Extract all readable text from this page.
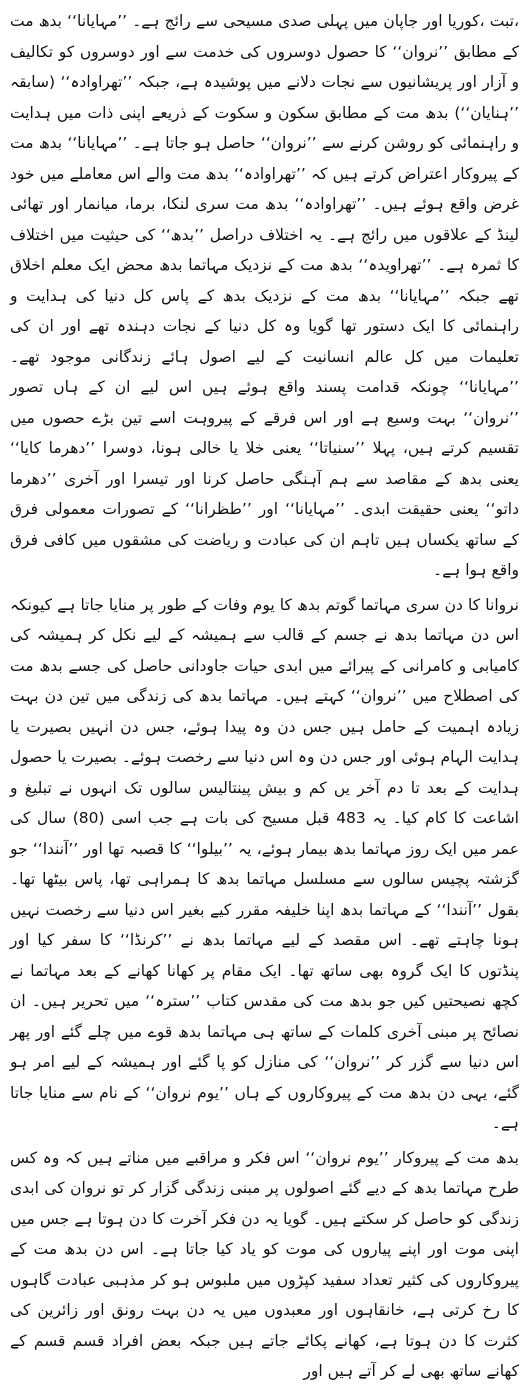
،تبت ،کوریا اور جاپان میں پہلی صدی مسیحی سے رائج ہے۔ ’’مہایانا‘‘ بدھ مت کے مطابق ’’نروان‘‘ کا حصول دوسروں کی خدمت سے اور دوسروں کو تکالیف و آزار اور پریشانیوں سے نجات دلانے میں پوشیدہ ہے، جبکہ ’’تھراوادہ‘‘ (سابقہ ’’ہنایان‘‘) بدھ مت کے مطابق سکون و سکوت کے ذریعے اپنی ذات میں ہدایت و راہنمائی کو روشن کرنے سے ’’نروان‘‘ حاصل ہو جاتا ہے۔ ’’مہایانا‘‘ بدھ مت کے پیروکار اعتراض کرتے ہیں کہ ’’تھراوادہ‘‘ بدھ مت والے اس معاملے میں خود غرض واقع ہوئے ہیں۔ ’’تھراوادہ‘‘ بدھ مت سری لنکا، برما، میانمار اور تھائی لینڈ کے علاقوں میں رائج ہے۔ یہ اختلاف دراصل ’’بدھ‘‘ کی حیثیت میں اختلاف کا ثمرہ ہے۔ ’’تھراویدہ‘‘ بدھ مت کے نزدیک مہاتما بدھ محض ایک معلم اخلاق تھے جبکہ ’’مہایانا‘‘ بدھ مت کے نزدیک بدھ کے پاس کل دنیا کی ہدایت و راہنمائی کا ایک دستور تھا گویا وہ کل دنیا کے نجات دہندہ تھے اور ان کی تعلیمات میں کل عالم انسانیت کے لیے اصول ہائے زندگانی موجود تھے۔ ’’مہایانا‘‘ چونکہ قدامت پسند واقع ہوئے ہیں اس لیے ان کے ہاں تصور ’’نروان‘‘ بہت وسیع ہے اور اس فرقے کے پیروہت اسے تین بڑے حصوں میں تقسیم کرتے ہیں، پہلا ’’سنیاتا‘‘ یعنی خلا یا خالی ہونا، دوسرا ’’دھرما کایا‘‘ یعنی بدھ کے مقاصد سے ہم آہنگی حاصل کرنا اور تیسرا اور آخری ’’دھرما داتو‘‘ یعنی حقیقت ابدی۔ ’’مہایانا‘‘ اور ’’طظرانا‘‘ کے تصورات معمولی فرق کے ساتھ یکساں ہیں تاہم ان کی عبادت و ریاضت کی مشقوں میں کافی فرق واقع ہوا ہے۔

نروانا کا دن سری مہاتما گوتم بدھ کا یوم وفات کے طور پر منایا جاتا ہے کیونکہ اس دن مہاتما بدھ نے جسم کے قالب سے ہمیشہ کے لیے نکل کر ہمیشہ کی کامیابی و کامرانی کے پیرائے میں ابدی حیات جاودانی حاصل کی جسے بدھ مت کی اصطلاح میں ’’نروان‘‘ کہتے ہیں۔ مہاتما بدھ کی زندگی میں تین دن بہت زیادہ اہمیت کے حامل ہیں جس دن وہ پیدا ہوئے، جس دن انہیں بصیرت یا ہدایت الہام ہوئی اور جس دن وہ اس دنیا سے رخصت ہوئے۔ بصیرت یا حصول ہدایت کے بعد تا دم آخر یں کم و بیش پینتالیس سالوں تک انہوں نے تبلیغ و اشاعت کا کام کیا۔ یہ 483 قبل مسیح کی بات ہے جب اسی (80) سال کی عمر میں ایک روز مہاتما بدھ بیمار ہوئے، یہ ’’بیلوا‘‘ کا قصبہ تھا اور ’’آنندا‘‘ جو گزشتہ پچیس سالوں سے مسلسل مہاتما بدھ کا ہمراہی تھا، پاس بیٹھا تھا۔ بقول ’’آنندا‘‘ کے مہاتما بدھ اپنا خلیفہ مقرر کیے بغیر اس دنیا سے رخصت نہیں ہونا چاہتے تھے۔ اس مقصد کے لیے مہاتما بدھ نے ’’کرنڈا‘‘ کا سفر کیا اور پنڈتوں کا ایک گروہ بھی ساتھ تھا۔ ایک مقام پر کھانا کھانے کے بعد مہاتما نے کچھ نصیحتیں کیں جو بدھ مت کی مقدس کتاب ’’سترہ‘‘ میں تحریر ہیں۔ ان نصائح پر مبنی آخری کلمات کے ساتھ ہی مہاتما بدھ قوے میں چلے گئے اور پھر اس دنیا سے گزر کر ’’نروان‘‘ کی منازل کو پا گئے اور ہمیشہ کے لیے امر ہو گئے، یہی دن بدھ مت کے پیروکاروں کے ہاں ’’یوم نروان‘‘ کے نام سے منایا جاتا ہے۔

بدھ مت کے پیروکار ’’یوم نروان‘‘ اس فکر و مراقبے میں مناتے ہیں کہ وہ کس طرح مہاتما بدھ کے دیے گئے اصولوں پر مبنی زندگی گزار کر تو نروان کی ابدی زندگی کو حاصل کر سکتے ہیں۔ گویا یہ دن فکر آخرت کا دن ہوتا ہے جس میں اپنی موت اور اپنے پیاروں کی موت کو یاد کیا جاتا ہے۔ اس دن بدھ مت کے پیروکاروں کی کثیر تعداد سفید کپڑوں میں ملبوس ہو کر مذہبی عبادت گاہوں کا رخ کرتی ہے، خانقاہوں اور معبدوں میں یہ دن بہت رونق اور زائرین کی کثرت کا دن ہوتا ہے، کھانے پکائے جاتے ہیں جبکہ بعض افراد قسم قسم کے کھانے ساتھ بھی لے کر آتے ہیں اور
